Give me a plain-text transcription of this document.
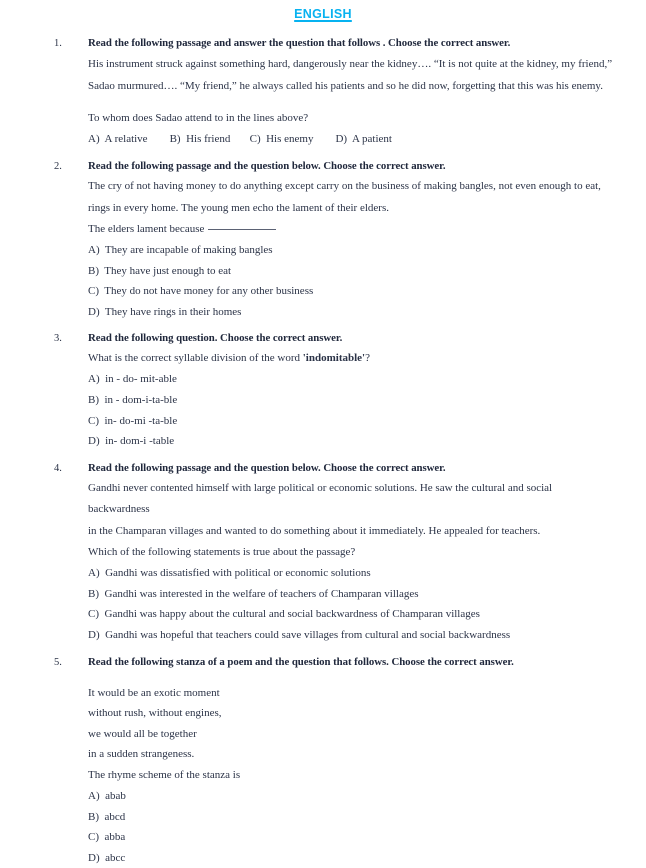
ENGLISH
1. Read the following passage and answer the question that follows . Choose the correct answer.

His instrument struck against something hard, dangerously near the kidney…. “It is not quite at the kidney, my friend,”

Sadao murmured…. “My friend,” he always called his patients and so he did now, forgetting that this was his enemy.

To whom does Sadao attend to in the lines above?

A)  A relative        B)  His friend       C)  His enemy        D)  A patient

2. Read the following passage and the question below. Choose the correct answer.

The cry of not having money to do anything except carry on the business of making bangles, not even enough to eat,

rings in every home. The young men echo the lament of their elders.

The elders lament because

A)  They are incapable of making bangles
B)  They have just enough to eat
C)  They do not have money for any other business
D)  They have rings in their homes
3. Read the following question. Choose the correct answer.

What is the correct syllable division of the word 'indomitable'?

A)  in - do- mit-able
B)  in - dom-i-ta-ble
C)  in- do-mi -ta-ble
D)  in- dom-i -table
4. Read the following passage and the question below. Choose the correct answer.

Gandhi never contented himself with large political or economic solutions. He saw the cultural and social backwardness

in the Champaran villages and wanted to do something about it immediately. He appealed for teachers.

Which of the following statements is true about the passage?

A)  Gandhi was dissatisfied with political or economic solutions
B)  Gandhi was interested in the welfare of teachers of Champaran villages
C)  Gandhi was happy about the cultural and social backwardness of Champaran villages
D)  Gandhi was hopeful that teachers could save villages from cultural and social backwardness
5. Read the following stanza of a poem and the question that follows. Choose the correct answer.

It would be an exotic moment
without rush, without engines,
we would all be together
in a sudden strangeness.

The rhyme scheme of the stanza is

A)  abab
B)  abcd
C)  abba
D)  abcc
